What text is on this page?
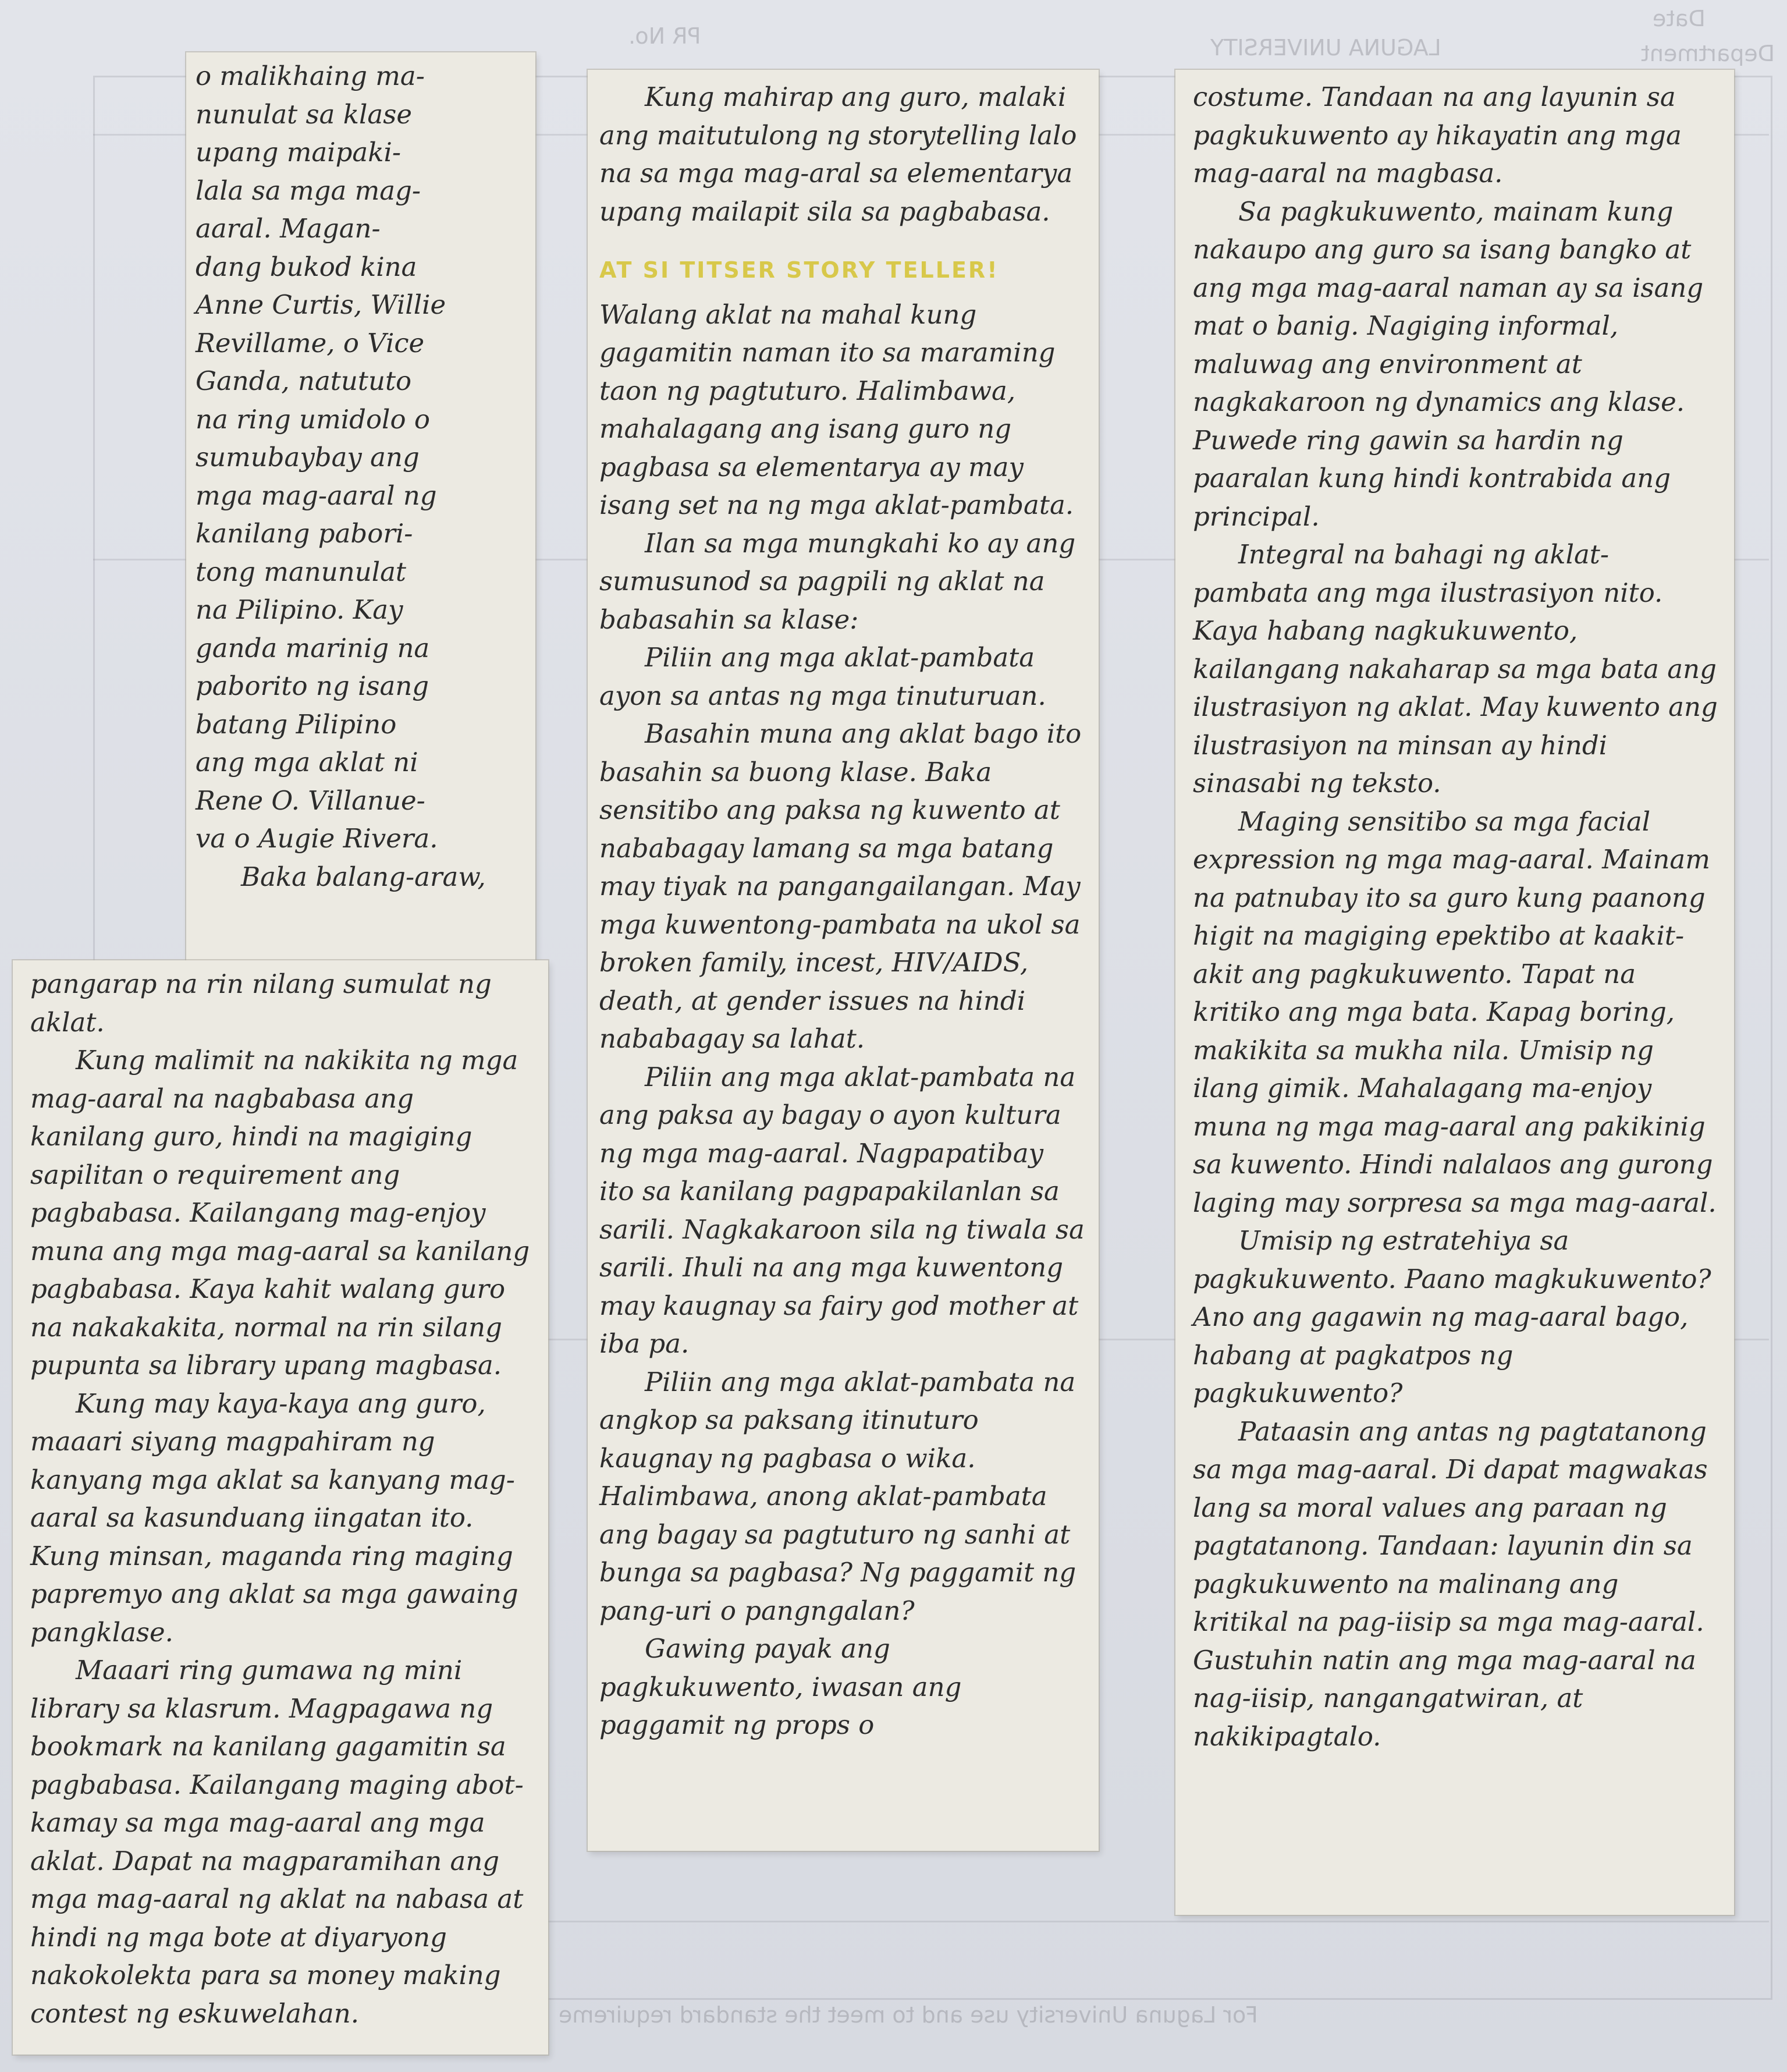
Department
LAGUNA UNIVERSITY
PR No.
Date
For Laguna University use and to meet the standard requireme
o malikhaing ma-
nunulat sa klase
upang maipaki-
lala sa mga mag-
aaral. Magan-
dang bukod kina
Anne Curtis, Willie
Revillame, o Vice
Ganda, natututo
na ring umidolo o
sumubaybay ang
mga mag-aaral ng
kanilang pabori-
tong manunulat
na Pilipino. Kay
ganda marinig na
paborito ng isang
batang Pilipino
ang mga aklat ni
Rene O. Villanue-
va o Augie Rivera.
Baka balang-araw,

pangarap na rin nilang sumulat ng aklat.

Kung malimit na nakikita ng mga mag-aaral na nagbabasa ang kanilang guro, hindi na magiging sapilitan o requirement ang pagbabasa. Kailangang mag-enjoy muna ang mga mag-aaral sa kanilang pagbabasa. Kaya kahit walang guro na nakakakita, normal na rin silang pupunta sa library upang magbasa.

Kung may kaya-kaya ang guro, maaari siyang magpahiram ng kanyang mga aklat sa kanyang mag-aaral sa kasunduang iingatan ito. Kung minsan, maganda ring maging papremyo ang aklat sa mga gawaing pangklase.

Maaari ring gumawa ng mini library sa klasrum. Magpagawa ng bookmark na kanilang gagamitin sa pagbabasa. Kailangang maging abot-kamay sa mga mag-aaral ang mga aklat. Dapat na magparamihan ang mga mag-aaral ng aklat na nabasa at hindi ng mga bote at diyaryong nakokolekta para sa money making contest ng eskuwelahan.

Kung mahirap ang guro, malaki ang maitutulong ng storytelling lalo na sa mga mag-aral sa elementarya upang mailapit sila sa pagbabasa.

AT SI TITSER STORY TELLER!

Walang aklat na mahal kung gagamitin naman ito sa maraming taon ng pagtuturo. Halimbawa, mahalagang ang isang guro ng pagbasa sa elementarya ay may isang set na ng mga aklat-pambata.

Ilan sa mga mungkahi ko ay ang sumusunod sa pagpili ng aklat na babasahin sa klase:

Piliin ang mga aklat-pambata ayon sa antas ng mga tinuturuan.

Basahin muna ang aklat bago ito basahin sa buong klase. Baka sensitibo ang paksa ng kuwento at nababagay lamang sa mga batang may tiyak na pangangailangan. May mga kuwentong-pambata na ukol sa broken family, incest, HIV/AIDS, death, at gender issues na hindi nababagay sa lahat.

Piliin ang mga aklat-pambata na ang paksa ay bagay o ayon kultura ng mga mag-aaral. Nagpapatibay ito sa kanilang pagpapakilanlan sa sarili. Nagkakaroon sila ng tiwala sa sarili. Ihuli na ang mga kuwentong may kaugnay sa fairy god mother at iba pa.

Piliin ang mga aklat-pambata na angkop sa paksang itinuturo kaugnay ng pagbasa o wika. Halimbawa, anong aklat-pambata ang bagay sa pagtuturo ng sanhi at bunga sa pagbasa? Ng paggamit ng pang-uri o pangngalan?

Gawing payak ang pagkukuwento, iwasan ang paggamit ng props o

costume. Tandaan na ang layunin sa pagkukuwento ay hikayatin ang mga mag-aaral na magbasa.

Sa pagkukuwento, mainam kung nakaupo ang guro sa isang bangko at ang mga mag-aaral naman ay sa isang mat o banig. Nagiging informal, maluwag ang environment at nagkakaroon ng dynamics ang klase. Puwede ring gawin sa hardin ng paaralan kung hindi kontrabida ang principal.

Integral na bahagi ng aklat-pambata ang mga ilustrasiyon nito. Kaya habang nagkukuwento, kailangang nakaharap sa mga bata ang ilustrasiyon ng aklat. May kuwento ang ilustrasiyon na minsan ay hindi sinasabi ng teksto.

Maging sensitibo sa mga facial expression ng mga mag-aaral. Mainam na patnubay ito sa guro kung paanong higit na magiging epektibo at kaakit-akit ang pagkukuwento. Tapat na kritiko ang mga bata. Kapag boring, makikita sa mukha nila. Umisip ng ilang gimik. Mahalagang ma-enjoy muna ng mga mag-aaral ang pakikinig sa kuwento. Hindi nalalaos ang gurong laging may sorpresa sa mga mag-aaral.

Umisip ng estratehiya sa pagkukuwento. Paano magkukuwento? Ano ang gagawin ng mag-aaral bago, habang at pagkatpos ng pagkukuwento?

Pataasin ang antas ng pagtatanong sa mga mag-aaral. Di dapat magwakas lang sa moral values ang paraan ng pagtatanong. Tandaan: layunin din sa pagkukuwento na malinang ang kritikal na pag-iisip sa mga mag-aaral. Gustuhin natin ang mga mag-aaral na nag-iisip, nangangatwiran, at nakikipagtalo.
